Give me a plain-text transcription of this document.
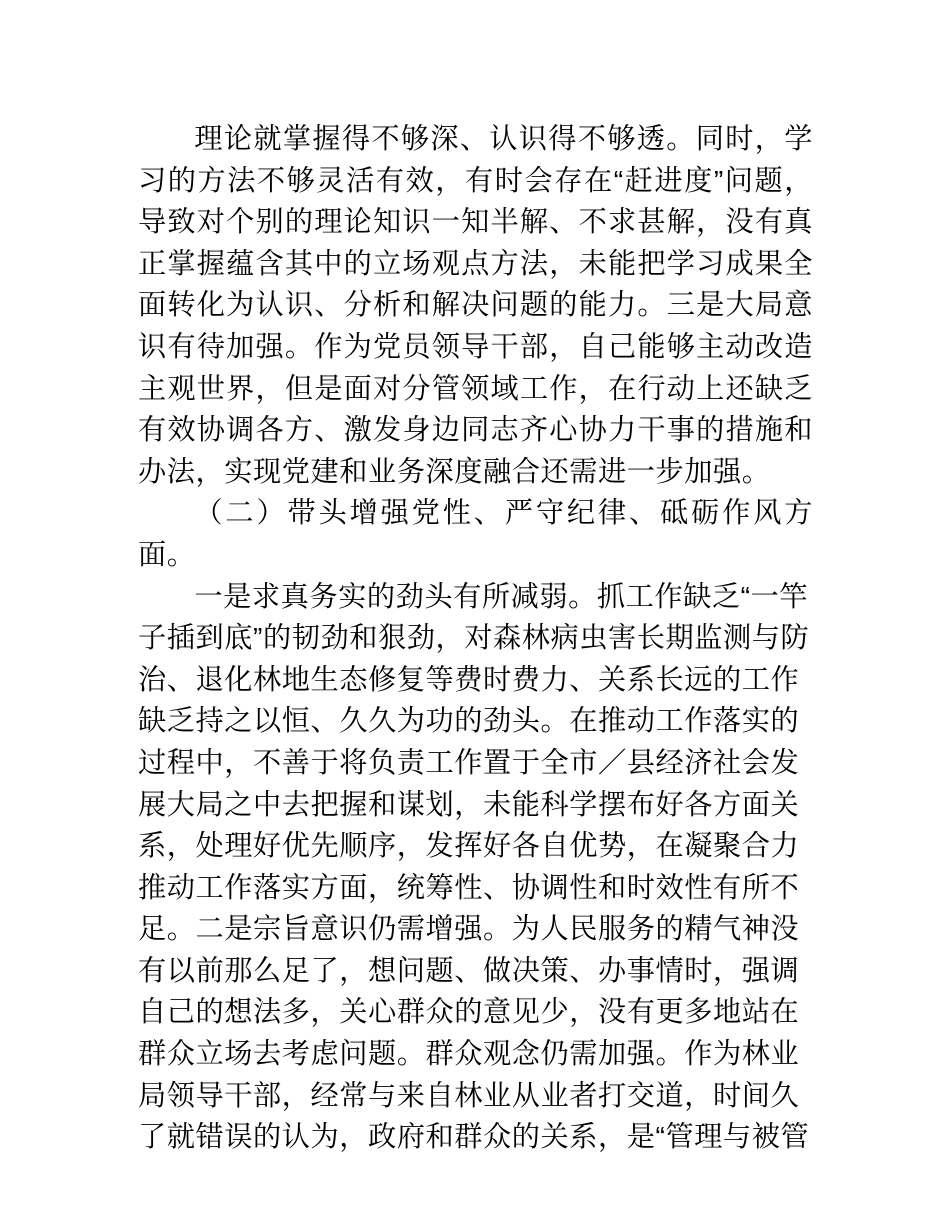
理论就掌握得不够深、认识得不够透。同时，学习的方法不够灵活有效，有时会存在“赶进度”问题，导致对个别的理论知识一知半解、不求甚解，没有真正掌握蕴含其中的立场观点方法，未能把学习成果全面转化为认识、分析和解决问题的能力。三是大局意识有待加强。作为党员领导干部，自己能够主动改造主观世界，但是面对分管领域工作，在行动上还缺乏有效协调各方、激发身边同志齐心协力干事的措施和办法，实现党建和业务深度融合还需进一步加强。

（二）带头增强党性、严守纪律、砥砺作风方面。

一是求真务实的劲头有所减弱。抓工作缺乏“一竿子插到底”的韧劲和狠劲，对森林病虫害长期监测与防治、退化林地生态修复等费时费力、关系长远的工作缺乏持之以恒、久久为功的劲头。在推动工作落实的过程中，不善于将负责工作置于全市／县经济社会发展大局之中去把握和谋划，未能科学摆布好各方面关系，处理好优先顺序，发挥好各自优势，在凝聚合力推动工作落实方面，统筹性、协调性和时效性有所不足。二是宗旨意识仍需增强。为人民服务的精气神没有以前那么足了，想问题、做决策、办事情时，强调自己的想法多，关心群众的意见少，没有更多地站在群众立场去考虑问题。群众观念仍需加强。作为林业局领导干部，经常与来自林业从业者打交道，时间久了就错误的认为，政府和群众的关系，是“管理与被管
